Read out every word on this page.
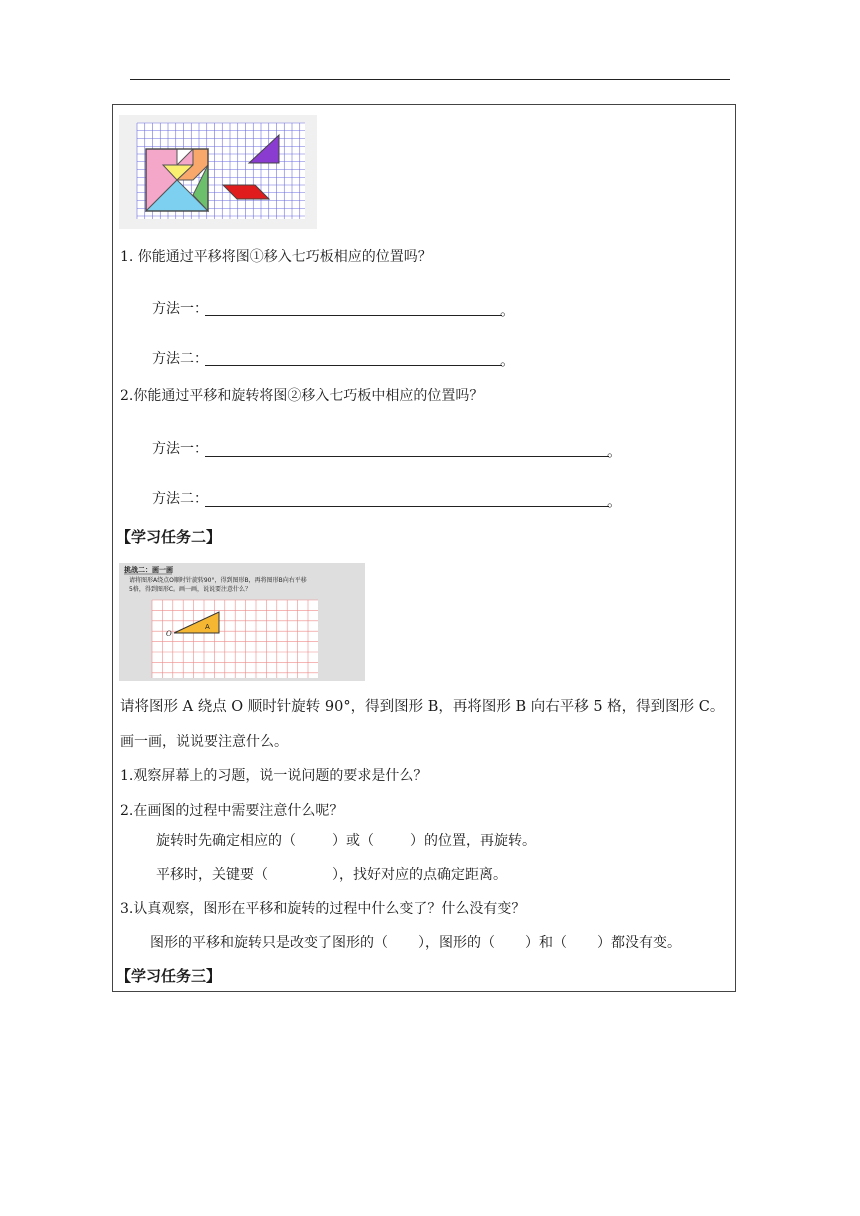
1. 你能通过平移将图①移入七巧板相应的位置吗？
方法一：	。
方法二：	。
2.你能通过平移和旋转将图②移入七巧板中相应的位置吗？
方法一：	。
方法二：	。
【学习任务二】
挑战二：画一画
请将图形A绕点O顺时针旋转90°，得到图形B，再将图形B向右平移
5格，得到图形C。画一画，说说要注意什么？
A
O
请将图形 A 绕点 O 顺时针旋转 90°，得到图形 B，再将图形 B 向右平移 5 格，得到图形 C。
画一画，说说要注意什么。
1.观察屏幕上的习题，说一说问题的要求是什么？
2.在画图的过程中需要注意什么呢？
旋转时先确定相应的（	）或（	）的位置，再旋转。
平移时，关键要（	），找好对应的点确定距离。
3.认真观察，图形在平移和旋转的过程中什么变了？什么没有变？
图形的平移和旋转只是改变了图形的（ ），图形的（ ）和（ ）都没有变。
【学习任务三】
